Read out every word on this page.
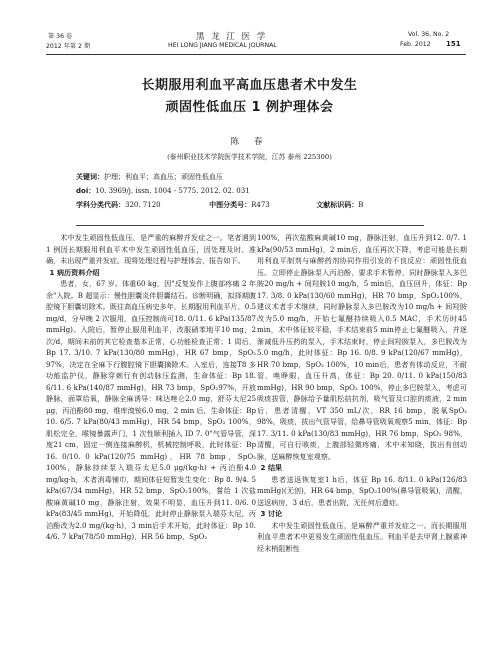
第 36 卷
2012 年第 2 期
黑 龙 江 医 学
HEI LONG JIANG MEDICAL JOURNAL
Vol. 36, No. 2
Feb. 2012 151
长期服用利血平高血压患者术中发生
顽固性低血压 1 例护理体会
陈 春
(泰州职业技术学院医学技术学院，江苏 泰州 225300)
关键词：护理；利血平；高血压；顽固性低血压
doi：10. 3969/j. issn. 1004 - 5775. 2012. 02. 031
学科分类代码：320. 7120	中图分类号：R473	文献标识码：B

术中发生顽固性低血压，是严重的麻醉并发症之一。笔者遇到 1 例因长期服用利血平术中发生顽固性低血压，因处理及时、准确，未出现严重并发症。现将处理过程与护理体会，报告如下。

1 病历资料介绍

患者，女，67 岁。体重60 kg，因"反复发作上腹部疼痛 2 年余"入院。B 超显示：慢性胆囊炎伴胆囊结石。诊断明确，拟择期腹腔镜下胆囊切除术。既往高血压病史多年，长期服用利血平片，0.5 mg/d，分早晚 2 次服用，血压控制尚可18. 0/11. 6 kPa(135/87 mmHg)。入院后，暂停止服用利血平，改服硝苯地平10 mg，2 次/d，期间未前的其它检查基本正常，心功能检查正常；1 周后，Bp 17. 3/10. 7 kPa(130/80 mmHg)，HR 67 bmp，SpO₂ 97%，决定在全麻下行腹腔镜下胆囊摘除术。入室后，连接T8 多功能监护仪，静脉穿刺行有创动脉压监测，生命体征：Bp 18. 6/11. 6 kPa(140/87 mmHg)，HR 73 bmp，SpO₂97%，开放静脉，面罩给氧，静脉全麻诱导：咪达唑仑2.0 mg，舒芬太尼25 μg，丙泊酚80 mg，维库溴铵6.0 mg，2 min 后，生命体征：Bp 10. 6/5. 7 kPa(80/43 mmHg)，HR 54 bmp，SpO₂ 100%，肌松完全，喉镜暴露声门，1 次性顺利插入 ID 7. 0"气管导管，深度21 cm，固定一侧连接麻醉机，机械控制呼吸，此时体征：Bp 16. 0/10. 0 kPa(120/75 mmHg)，HR 78 bmp，SpO₂ 100%，静脉持续泵入瑞芬太尼5.0 μg/(kg·h) + 丙泊酚4.0 mg/kg·h，术者消毒铺巾，期间体征短暂发生变化：Bp 8. 9/4. 5 kPa(67/34 mmHg)，HR 52 bmp，SpO₂100%，嘗给 1 次盐酸麻黄碱10 mg，静脉注射，效果不明显，血压升到11. 0/6. 0 kPa(83/45 mmHg)，开始降低，此时停止静脉泵入瑞芬太尼，丙泊酚改为2.0 mg/(kg·h)，3 min后手术开始，此时体征：Bp 10. 4/6. 7 kPa(78/50 mmHg)，HR 56 bmp，SpO₂

100%，再次盐酸麻黄碱10 mg，静脉注射，血压升到12. 0/7. 1 kPa(90/53 mmHg)，2 min后，血压再次下降，考虑可能是长期用利血平制剂与麻醉药剂协同作用引发的不良反应：顽固性低血压。立即停止静脉泵入丙泊酚，要求手术暂停，同时静脉泵入多巴胺20 mg/h + 间羟胺10 mg/h，5 min后，血压回升，体征：Bp 17. 3/8. 0 kPa(130/60 mmHg)，HR 70 bmp，SpO₂100%，建议术者手术继续，同时静脉泵入多巴胺改为10 mg/h + 间羟胺改为5.0 mg/h，开始七氟醚持续吸入0.5 MAC，手术历时45 min，术中体征较平稳，手术结束前5 min停止七氟醚吸入，并逐渐减低升压药的泵入，手术结束时，停止间羟胺泵入，多巴胺改为5.0 mg/h，此时体征：Bp 16. 0/8. 9 kPa(120/67 mmHg)，HR 70 bmp，SpO₂ 100%，10 min后，患者有体动反应，不耐管，唤睁眼，血压升高，体征：Bp 20. 0/11. 0 kPa(150/83 mmHg)，HR 90 bmp，SpO₂ 100%，停止多巴胺泵入，考虑可吸痰拔管，静脉给予量肌松拮抗剂，吸气管及口腔的痰液，2 min后，患者清醒，VT 350 mL/次，RR 16 bmp，脱氧SpO₂ 98%，吸痰，拔出气管导管，给鼻导管吸氧观察5 min，体征：Bp 17. 3/11. 0 kPa(130/83 mmHg)，HR 76 bmp，SpO₂ 98%，清醒，可自行咳痰，上腹部轻微疼痛，术中未知晓，拔出有创动脉，送麻醉恢复室观察。

2 结果

患者送返恢复室1 h后，体征 Bp 16. 8/11. 0 kPa(126/83 mmHg)(无创)，HR 64 bmp，SpO₂100%(鼻导管吸氧)，清醒，送返病房，3 d后，患者出院，无任何后遗症。

3 讨论

术中发生顽固性低血压，是麻醉严重并发症之一。而长期服用利血平患者术中更易发生顽固性低血压。利血平是去甲肾上腺素神经末梢阻断性
